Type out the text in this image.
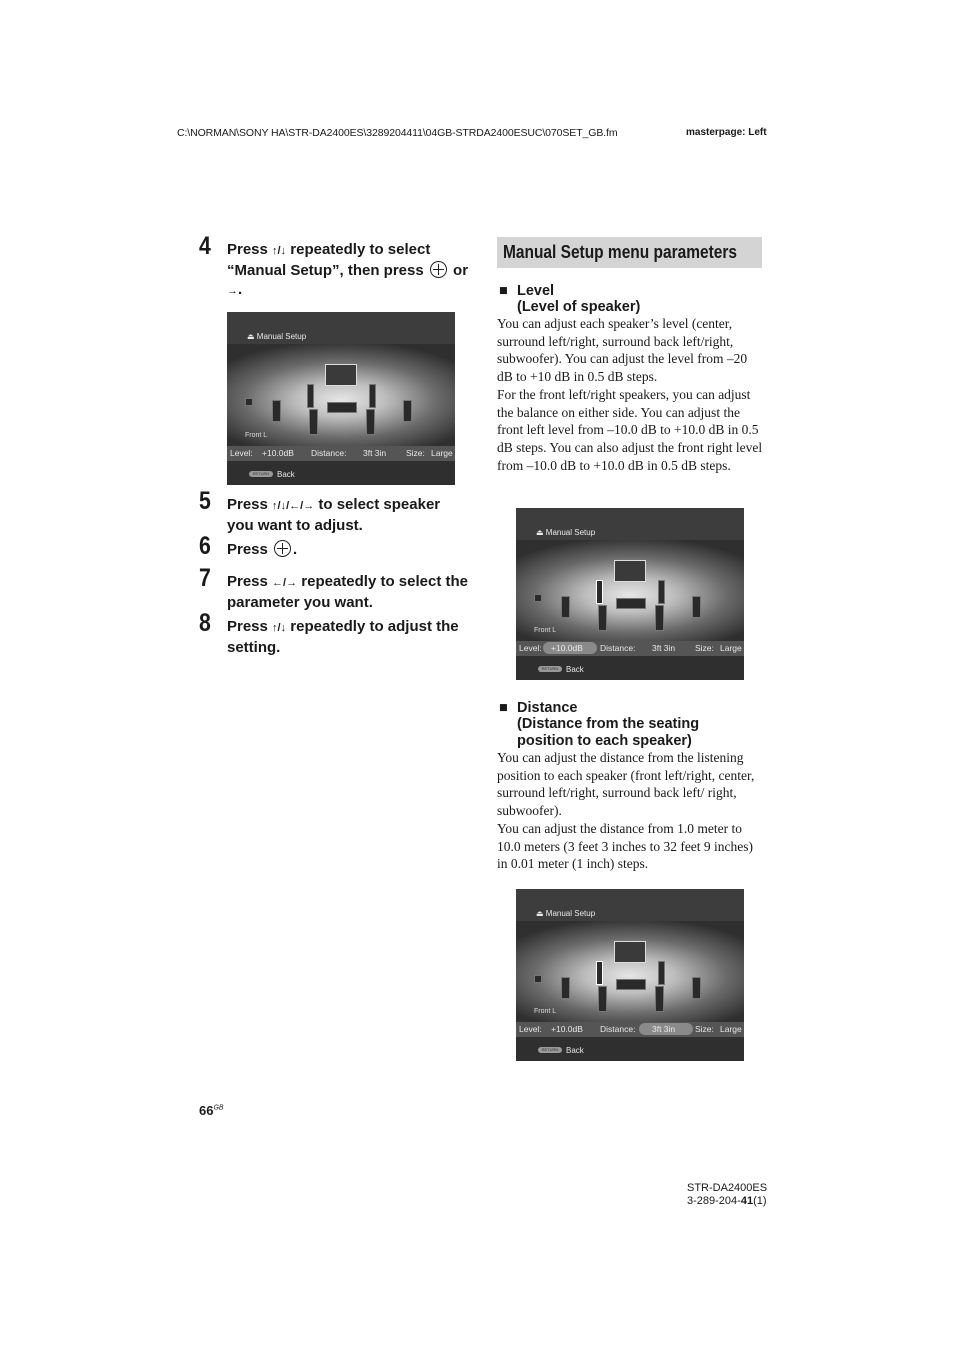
C:\NORMAN\SONY HA\STR-DA2400ES\3289204411\04GB-STRDA2400ESUC\070SET_GB.fm	masterpage: Left
4 Press ↑/↓ repeatedly to select “Manual Setup”, then press  or →.
⏏ Manual Setup
Front L
Level: +10.0dB Distance: 3ft 3in Size: Large
RETURN Back
5 Press ↑/↓/←/→ to select speaker you want to adjust.
6 Press .
7 Press ←/→ repeatedly to select the parameter you want.
8 Press ↑/↓ repeatedly to adjust the setting.
Manual Setup menu parameters
■ Level
(Level of speaker)

You can adjust each speaker’s level (center, surround left/right, surround back left/right, subwoofer). You can adjust the level from –20 dB to +10 dB in 0.5 dB steps.

For the front left/right speakers, you can adjust the balance on either side. You can adjust the front left level from –10.0 dB to +10.0 dB in 0.5 dB steps. You can also adjust the front right level from –10.0 dB to +10.0 dB in 0.5 dB steps.

⏏ Manual Setup
Front L
Level: +10.0dB Distance: 3ft 3in Size: Large
RETURN Back
■ Distance
(Distance from the seating
position to each speaker)

You can adjust the distance from the listening position to each speaker (front left/right, center, surround left/right, surround back left/ right, subwoofer).

You can adjust the distance from 1.0 meter to 10.0 meters (3 feet 3 inches to 32 feet 9 inches) in 0.01 meter (1 inch) steps.

⏏ Manual Setup
Front L
Level: +10.0dB Distance: 3ft 3in Size: Large
RETURN Back
$66^{GB}$
STR-DA2400ES
3-289-204-41(1)
